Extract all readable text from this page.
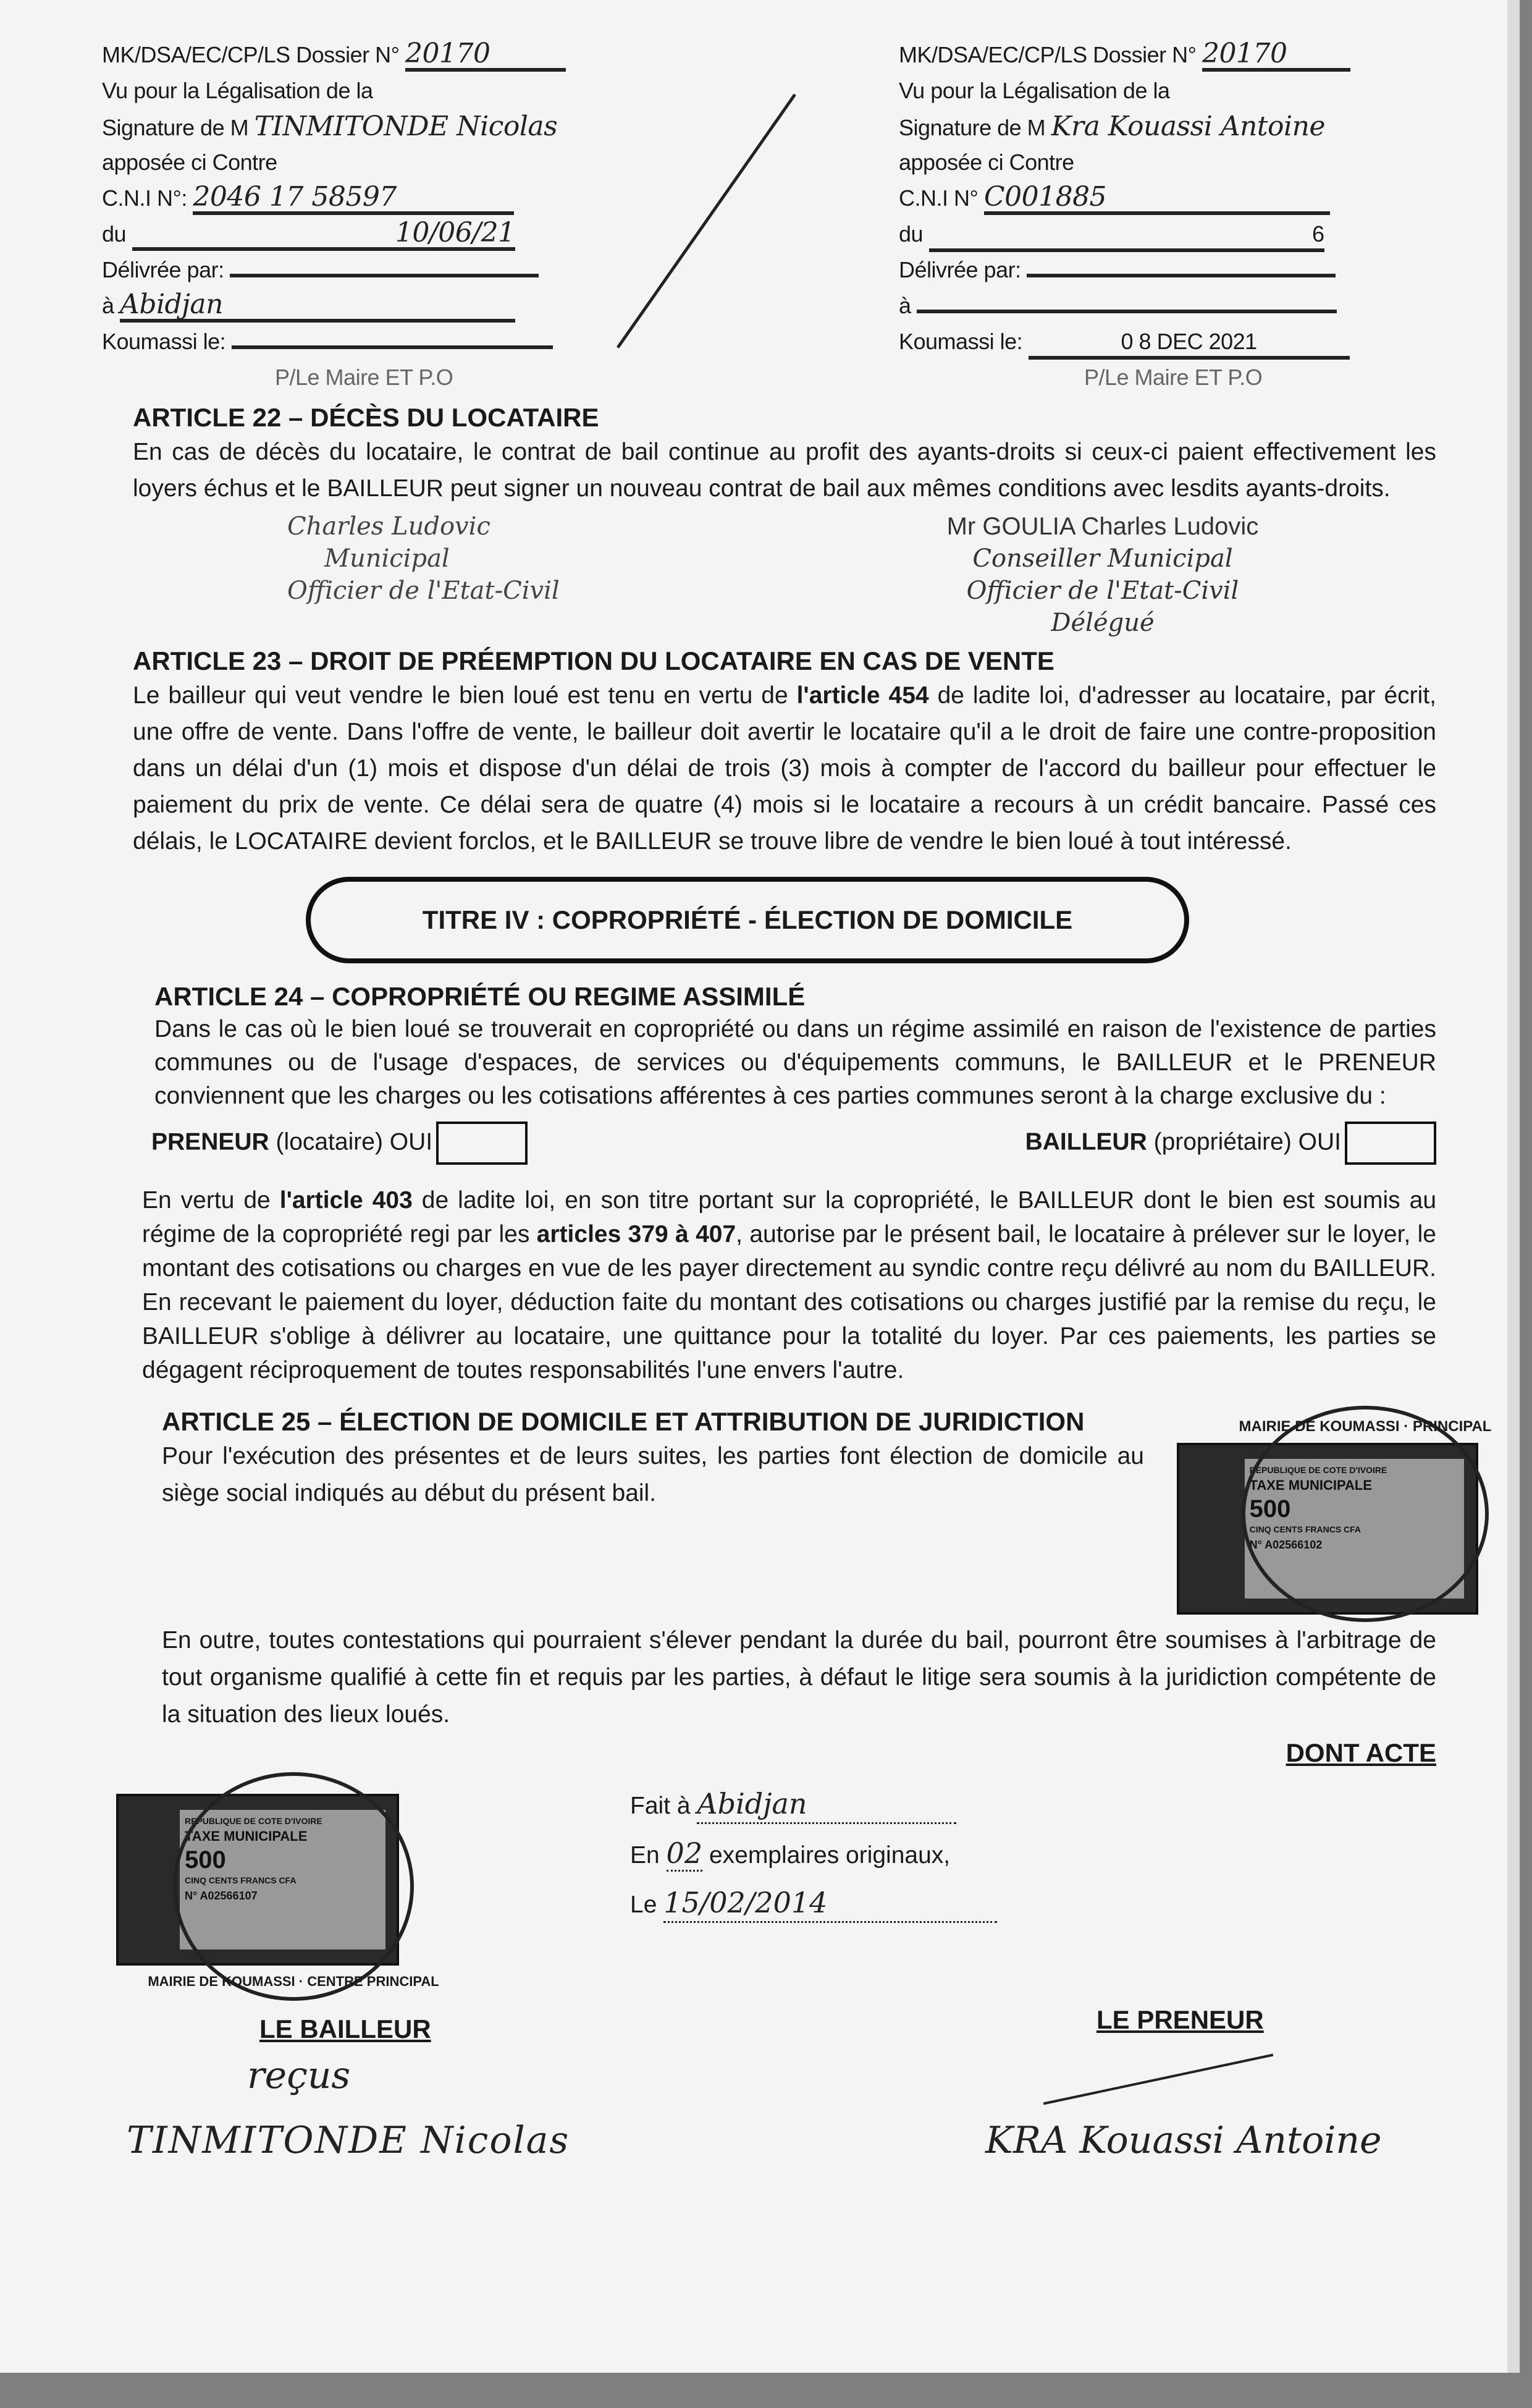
MK/DSA/EC/CP/LS Dossier N° 20170
Vu pour la Légalisation de la
Signature de M TINMITONDE Nicolas
apposée ci Contre
C.N.I N°: 2046 17 58597
du	10/06/21
Délivrée par:
à Abidjan
Koumassi le:
P/Le Maire ET P.O
MK/DSA/EC/CP/LS Dossier N° 20170
Vu pour la Légalisation de la
Signature de M Kra Kouassi Antoine
apposée ci Contre
C.N.I N° C001885
du	6
Délivrée par:
à
Koumassi le:	0 8 DEC 2021
P/Le Maire ET P.O
ARTICLE 22 – DÉCÈS DU LOCATAIRE
En cas de décès du locataire, le contrat de bail continue au profit des ayants-droits si ceux-ci paient effectivement les loyers échus et le BAILLEUR peut signer un nouveau contrat de bail aux mêmes conditions avec lesdits ayants-droits.
Charles Ludovic
Municipal
Officier de l'Etat-Civil
Mr GOULIA Charles Ludovic
Conseiller Municipal
Officier de l'Etat-Civil
Délégué
ARTICLE 23 – DROIT DE PRÉEMPTION DU LOCATAIRE EN CAS DE VENTE
Le bailleur qui veut vendre le bien loué est tenu en vertu de l'article 454 de ladite loi, d'adresser au locataire, par écrit, une offre de vente. Dans l'offre de vente, le bailleur doit avertir le locataire qu'il a le droit de faire une contre-proposition dans un délai d'un (1) mois et dispose d'un délai de trois (3) mois à compter de l'accord du bailleur pour effectuer le paiement du prix de vente. Ce délai sera de quatre (4) mois si le locataire a recours à un crédit bancaire. Passé ces délais, le LOCATAIRE devient forclos, et le BAILLEUR se trouve libre de vendre le bien loué à tout intéressé.
TITRE IV : COPROPRIÉTÉ - ÉLECTION DE DOMICILE
ARTICLE 24 – COPROPRIÉTÉ OU REGIME ASSIMILÉ
Dans le cas où le bien loué se trouverait en copropriété ou dans un régime assimilé en raison de l'existence de parties communes ou de l'usage d'espaces, de services ou d'équipements communs, le BAILLEUR et le PRENEUR conviennent que les charges ou les cotisations afférentes à ces parties communes seront à la charge exclusive du :
PRENEUR (locataire) OUI	BAILLEUR (propriétaire) OUI
En vertu de l'article 403 de ladite loi, en son titre portant sur la copropriété, le BAILLEUR dont le bien est soumis au régime de la copropriété regi par les articles 379 à 407, autorise par le présent bail, le locataire à prélever sur le loyer, le montant des cotisations ou charges en vue de les payer directement au syndic contre reçu délivré au nom du BAILLEUR. En recevant le paiement du loyer, déduction faite du montant des cotisations ou charges justifié par la remise du reçu, le BAILLEUR s'oblige à délivrer au locataire, une quittance pour la totalité du loyer. Par ces paiements, les parties se dégagent réciproquement de toutes responsabilités l'une envers l'autre.
ARTICLE 25 – ÉLECTION DE DOMICILE ET ATTRIBUTION DE JURIDICTION
Pour l'exécution des présentes et de leurs suites, les parties font élection de domicile au siège social indiqués au début du présent bail.
REPUBLIQUE DE COTE D'IVOIRE
TAXE MUNICIPALE
500
CINQ CENTS FRANCS CFA
N° A02566102
MAIRIE DE KOUMASSI · PRINCIPAL
En outre, toutes contestations qui pourraient s'élever pendant la durée du bail, pourront être soumises à l'arbitrage de tout organisme qualifié à cette fin et requis par les parties, à défaut le litige sera soumis à la juridiction compétente de la situation des lieux loués.
DONT ACTE
REPUBLIQUE DE COTE D'IVOIRE
TAXE MUNICIPALE
500
CINQ CENTS FRANCS CFA
N° A02566107
MAIRIE DE KOUMASSI · CENTRE PRINCIPAL
Fait à Abidjan
En 02 exemplaires originaux,
Le 15/02/2014
LE BAILLEUR
reçus
TINMITONDE Nicolas
LE PRENEUR
KRA Kouassi Antoine
